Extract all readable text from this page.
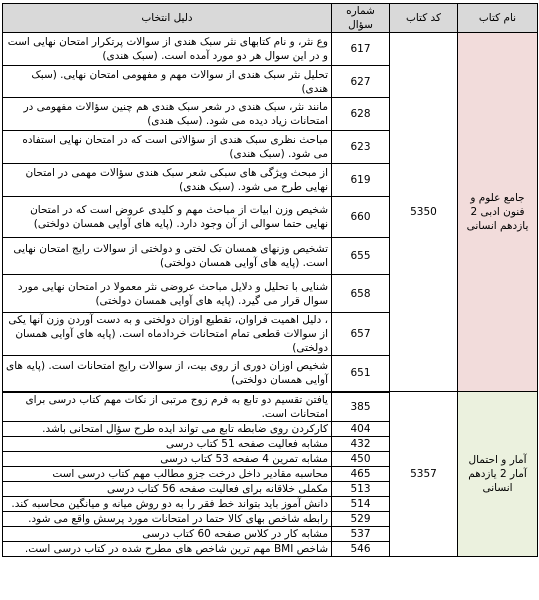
نام کتاب	کد کتاب	شماره سؤال	دلیل انتخاب
جامع علوم و فنون ادبی 2 یازدهم انسانی	5350	617	وع نثر، و نام کتابهای نثر سبک هندی از سوالات پرتکرار امتحان نهایی است و در این سوال هر دو مورد آمده است. (سبک هندی)
		627	تحلیل نثر سبک هندی از سوالات مهم و مفهومی امتحان نهایی. (سبک هندی)
		628	مانند نثر، سبک هندی در شعر سبک هندی هم چنین سؤالات مفهومی در امتحانات زیاد دیده می شود. (سبک هندی)
		623	مباحث نظری سبک هندی از سؤالاتی است که در امتحان نهایی استفاده می شود. (سبک هندی)
		619	از مبحث ویژگی های سبکی شعر سبک هندی سؤالات مهمی در امتحان نهایی طرح می شود. (سبک هندی)
		660	شخیص وزن ابیات از مباحث مهم و کلیدی عروض است که در امتحان نهایی حتما سوالی از آن وجود دارد. (پایه های آوایی همسان دولختی)
		655	تشخیص وزنهای همسان تک لختی و دولختی از سوالات رایج امتحان نهایی است. (پایه های آوایی همسان دولختی)
		658	شنایی با تحلیل و دلایل مباحث عروضی نثر معمولا در امتحان نهایی مورد سوال قرار می گیرد. (پایه های آوایی همسان دولختی)
		657	، دلیل اهمیت فراوان، تقطیع اوزان دولختی و به دست آوردن وزن آنها یکی از سوالات قطعی تمام امتحانات خردادماه است. (پایه های آوایی همسان دولختی)
		651	شخیص اوزان دوری از روی بیت، از سوالات رایج امتحانات است. (پایه های آوایی همسان دولختی)
آمار و احتمال آمار 2 یازدهم انسانی	5357	385	یافتن تقسیم دو تابع به فرم زوج مرتبی از نکات مهم کتاب درسی برای امتحانات است.
		404	کارکردن روی ضابطه تابع می تواند ایده طرح سؤال امتحانی باشد.
		432	مشابه فعالیت صفحه 51 کتاب درسی
		450	مشابه تمرین 4 صفحه 53 کتاب درسی
		465	محاسبه مقادیر داخل درخت جزو مطالب مهم کتاب درسی است
		513	مکملی خلاقانه برای فعالیت صفحه 56 کتاب درسی
		514	دانش آموز باید بتواند خط فقر را به دو روش میانه و میانگین محاسبه کند.
		529	رابطه شاخص بهای کالا حتما در امتحانات مورد پرسش واقع می شود.
		537	مشابه کار در کلاس صفحه 60 کتاب درسی
		546	شاخص BMI مهم ترین شاخص های مطرح شده در کتاب درسی است.
